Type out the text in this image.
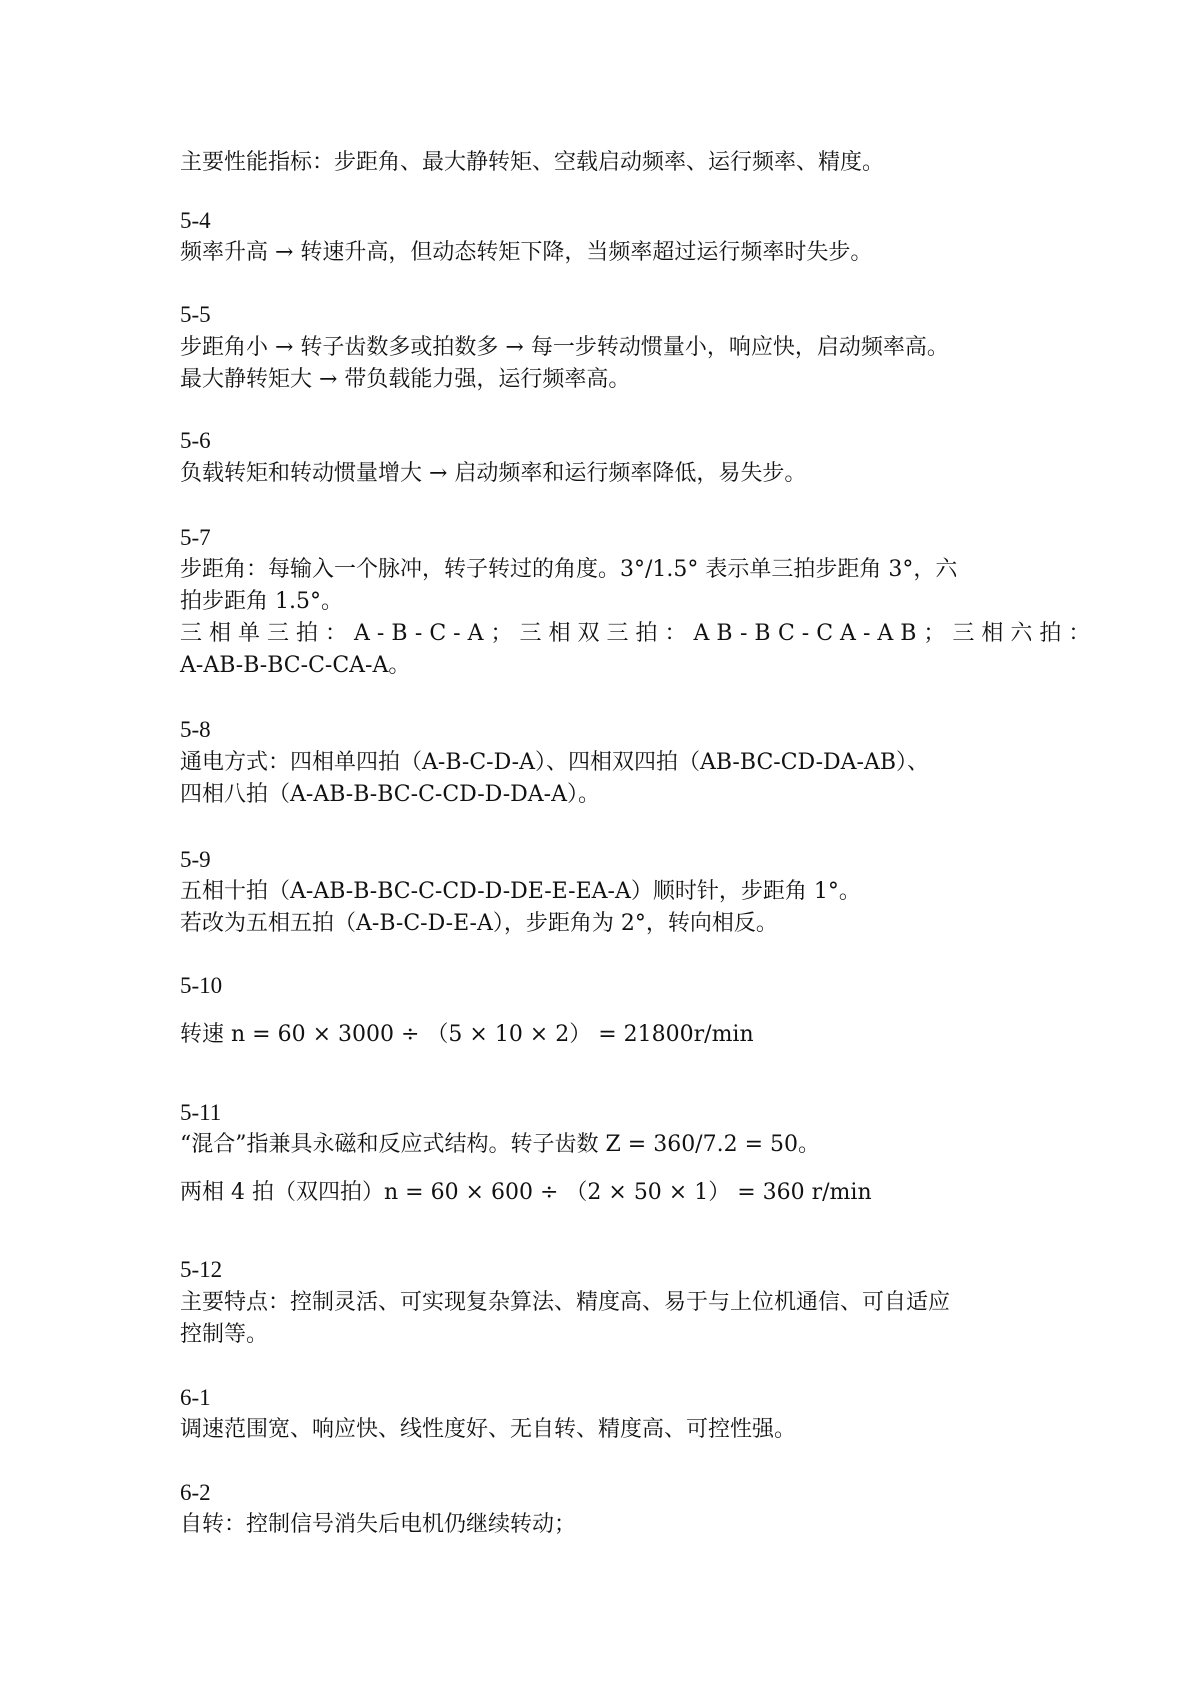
主要性能指标：步距角、最大静转矩、空载启动频率、运行频率、精度。
5-4
频率升高 → 转速升高，但动态转矩下降，当频率超过运行频率时失步。
5-5
步距角小 → 转子齿数多或拍数多 → 每一步转动惯量小，响应快，启动频率高。
最大静转矩大 → 带负载能力强，运行频率高。
5-6
负载转矩和转动惯量增大 → 启动频率和运行频率降低，易失步。
5-7
步距角：每输入一个脉冲，转子转过的角度。3°/1.5° 表示单三拍步距角 3°，六
拍步距角 1.5°。
三相单三拍：A-B-C-A；三相双三拍：AB-BC-CA-AB；三相六拍：
A-AB-B-BC-C-CA-A。
5-8
通电方式：四相单四拍（A-B-C-D-A）、四相双四拍（AB-BC-CD-DA-AB）、
四相八拍（A-AB-B-BC-C-CD-D-DA-A）。
5-9
五相十拍（A-AB-B-BC-C-CD-D-DE-E-EA-A）顺时针，步距角 1°。
若改为五相五拍（A-B-C-D-E-A），步距角为 2°，转向相反。
5-10
转速 n = 60 × 3000 ÷ （5 × 10 × 2） = 21800r/min
5-11
“混合”指兼具永磁和反应式结构。转子齿数 Z = 360/7.2 = 50。
两相 4 拍（双四拍）n = 60 × 600 ÷ （2 × 50 × 1） = 360 r/min
5-12
主要特点：控制灵活、可实现复杂算法、精度高、易于与上位机通信、可自适应
控制等。
6-1
调速范围宽、响应快、线性度好、无自转、精度高、可控性强。
6-2
自转：控制信号消失后电机仍继续转动；
